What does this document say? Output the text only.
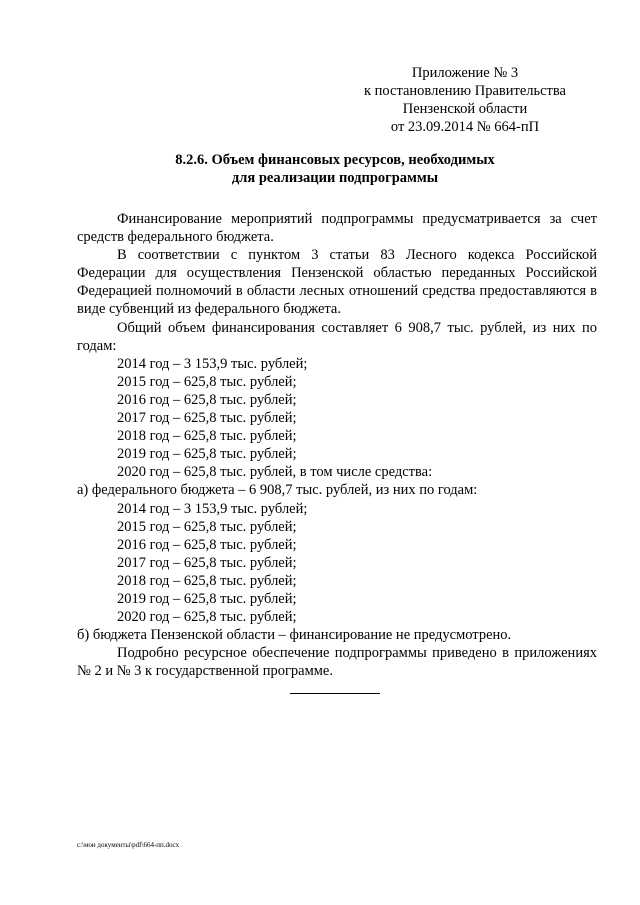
Приложение № 3
к постановлению Правительства
Пензенской области
от 23.09.2014 № 664-пП
8.2.6. Объем финансовых ресурсов, необходимых
для реализации подпрограммы

Финансирование мероприятий подпрограммы предусматривается за счет средств федерального бюджета.

В соответствии с пунктом 3 статьи 83 Лесного кодекса Российской Федерации для осуществления Пензенской областью переданных Российской Федерацией полномочий в области лесных отношений средства предоставляются в виде субвенций из федерального бюджета.

Общий объем финансирования составляет 6 908,7 тыс. рублей, из них по годам:

2014 год – 3 153,9 тыс. рублей;

2015 год – 625,8 тыс. рублей;

2016 год – 625,8 тыс. рублей;

2017 год – 625,8 тыс. рублей;

2018 год – 625,8 тыс. рублей;

2019 год – 625,8 тыс. рублей;

2020 год – 625,8 тыс. рублей, в том числе средства:

а) федерального бюджета – 6 908,7 тыс. рублей, из них по годам:

2014 год – 3 153,9 тыс. рублей;

2015 год – 625,8 тыс. рублей;

2016 год – 625,8 тыс. рублей;

2017 год – 625,8 тыс. рублей;

2018 год – 625,8 тыс. рублей;

2019 год – 625,8 тыс. рублей;

2020 год – 625,8 тыс. рублей;

б) бюджета Пензенской области – финансирование не предусмотрено.

Подробно ресурсное обеспечение подпрограммы приведено в приложениях № 2 и № 3 к государственной программе.

c:\мои документы\pdf\664-пп.docx
